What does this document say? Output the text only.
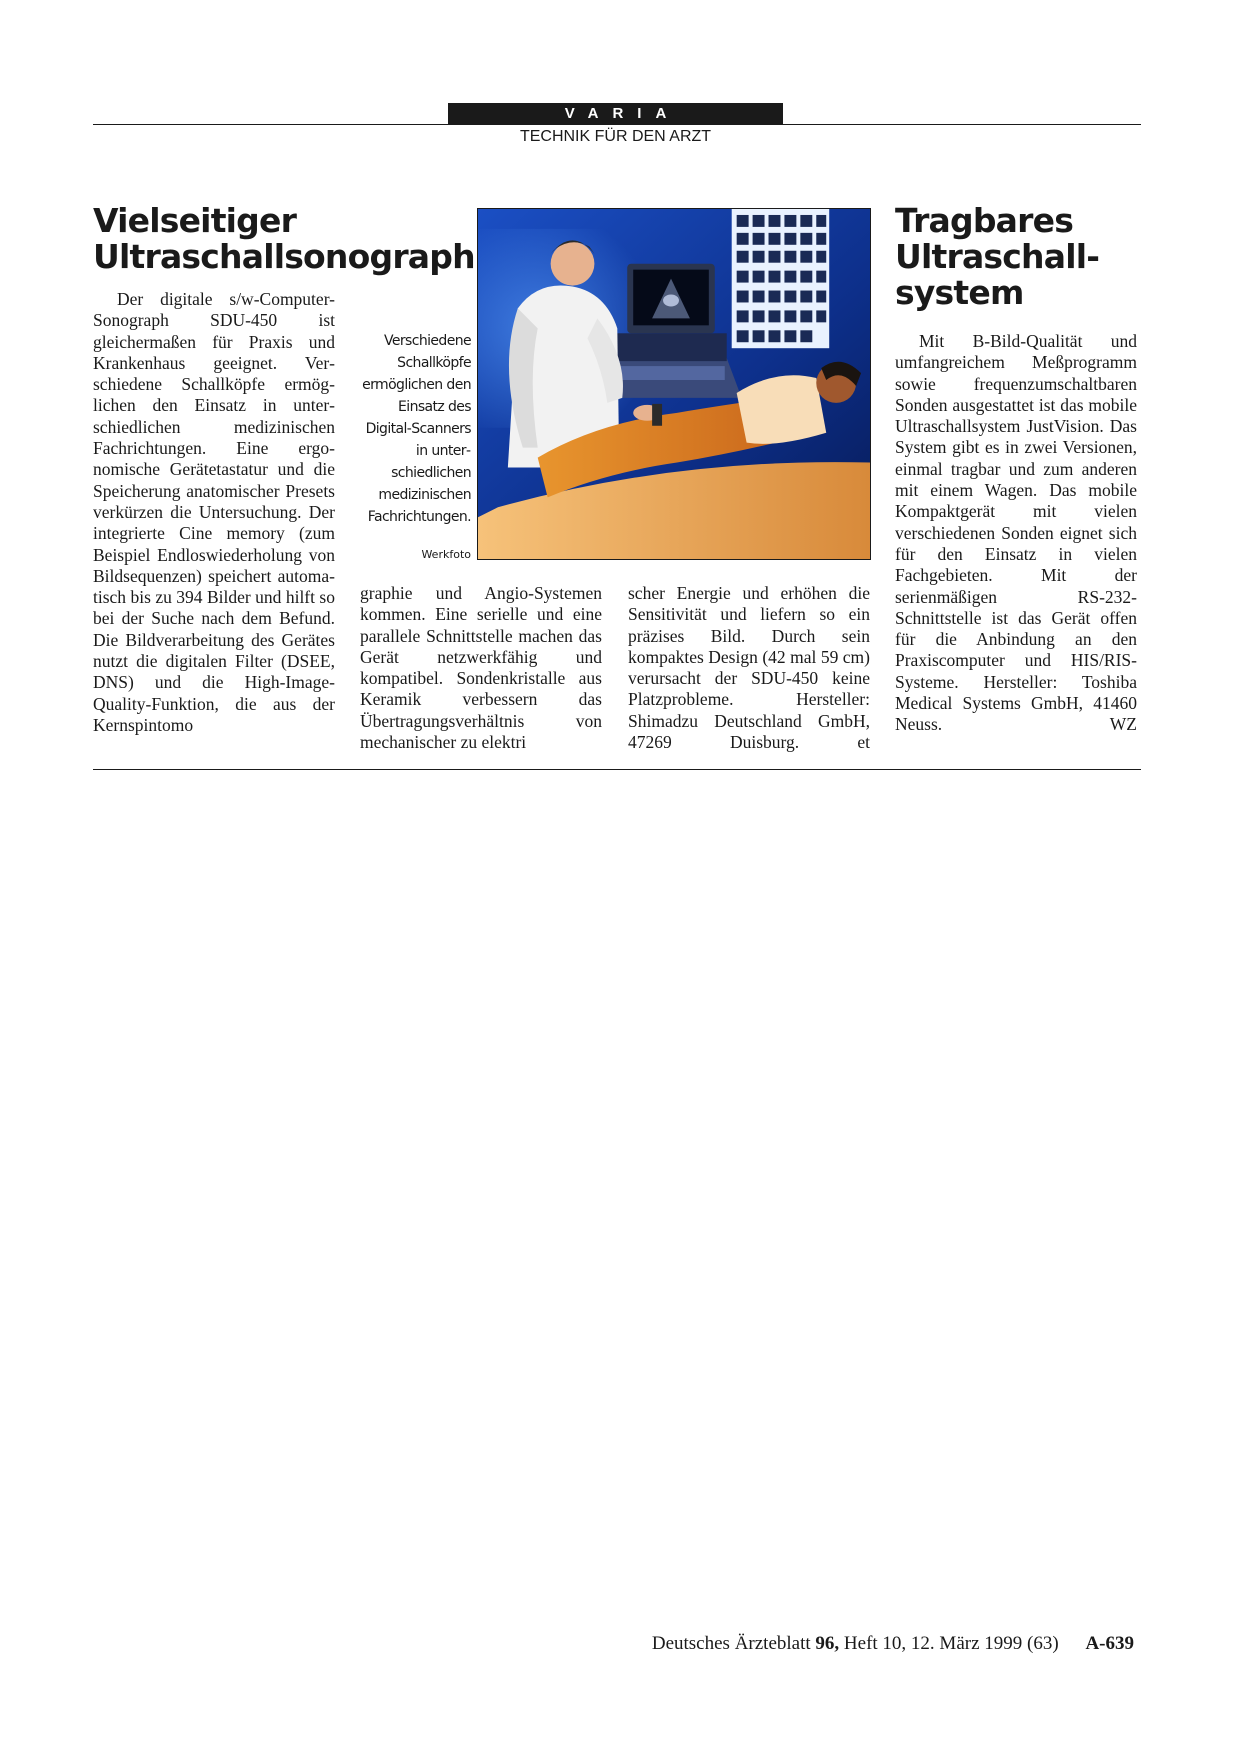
VARIA
TECHNIK FÜR DEN ARZT
Vielseitiger
Ultraschallsonograph

Der digitale s/w-Computer-Sonograph SDU-450 ist gleichermaßen für Praxis und Krankenhaus geeignet. Verschiedene Schallköpfe ermöglichen den Einsatz in unterschiedlichen medizinischen Fachrichtungen. Eine ergonomische Gerätetastatur und die Speicherung anatomischer Presets verkürzen die Untersuchung. Der integrierte Cine memory (zum Beispiel Endloswiederholung von Bildsequenzen) speichert automatisch bis zu 394 Bilder und hilft so bei der Suche nach dem Befund. Die Bildverarbeitung des Gerätes nutzt die digitalen Filter (DSEE, DNS) und die High-Image-Quality-Funktion, die aus der Kernspintomo

Verschiedene Schallköpfe ermöglichen den Einsatz des Digital-Scanners in unterschiedlichen medizinischen Fachrichtungen.
Werkfoto

graphie und Angio-Systemen kommen. Eine serielle und eine parallele Schnittstelle machen das Gerät netzwerkfähig und kompatibel. Sondenkristalle aus Keramik verbessern das Übertragungsverhältnis von mechanischer zu elektri

scher Energie und erhöhen die Sensitivität und liefern so ein präzises Bild. Durch sein kompaktes Design (42 mal 59 cm) verursacht der SDU-450 keine Platzprobleme. Hersteller: Shimadzu Deutschland GmbH, 47269 Duisburg.	et

Tragbares
Ultraschall-
system

Mit B-Bild-Qualität und umfangreichem Meßprogramm sowie frequenzumschaltbaren Sonden ausgestattet ist das mobile Ultraschallsystem JustVision. Das System gibt es in zwei Versionen, einmal tragbar und zum anderen mit einem Wagen. Das mobile Kompaktgerät mit vielen verschiedenen Sonden eignet sich für den Einsatz in vielen Fachgebieten. Mit der serienmäßigen RS-232-Schnittstelle ist das Gerät offen für die Anbindung an den Praxiscomputer und HIS/RIS-Systeme. Hersteller: Toshiba Medical Systems GmbH, 41460 Neuss.	WZ

Deutsches Ärzteblatt 96, Heft 10, 12. März 1999 (63) A-639
